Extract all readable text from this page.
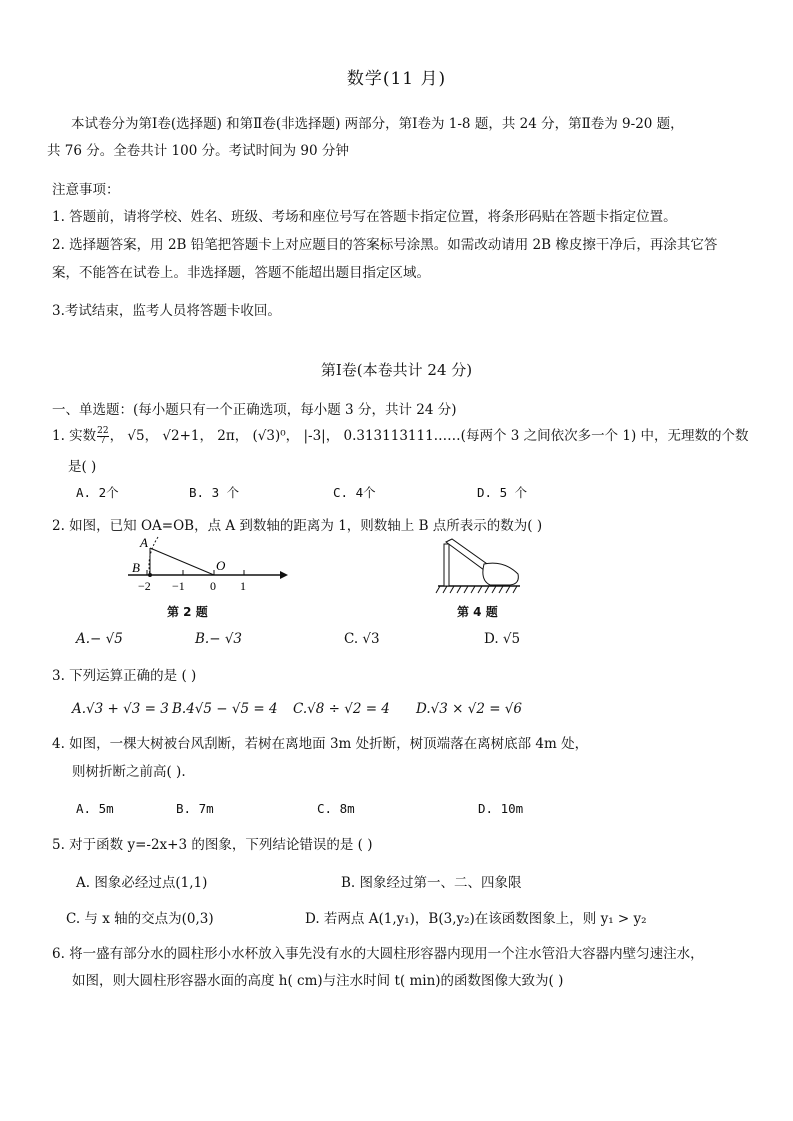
数学(11 月)
本试卷分为第Ⅰ卷(选择题) 和第Ⅱ卷(非选择题) 两部分，第Ⅰ卷为 1-8 题，共 24 分，第Ⅱ卷为 9-20 题，
共 76 分。全卷共计 100 分。考试时间为 90 分钟
注意事项：
1. 答题前，请将学校、姓名、班级、考场和座位号写在答题卡指定位置，将条形码贴在答题卡指定位置。
2. 选择题答案，用 2B 铅笔把答题卡上对应题目的答案标号涂黑。如需改动请用 2B 橡皮擦干净后，再涂其它答
案，不能答在试卷上。非选择题，答题不能超出题目指定区域。
3.考试结束，监考人员将答题卡收回。
第Ⅰ卷(本卷共计 24 分)
一、单选题：(每小题只有一个正确选项，每小题 3 分，共计 24 分)
1. 实数 $\frac{22}{7}$ ， √5， √2+1， 2π， (√3)⁰， |-3|， 0.313113111……(每两个 3 之间依次多一个 1) 中，无理数的个数
是( )
A. 2个	B. 3 个	C. 4个	D. 5 个
2. 如图，已知 OA=OB，点 A 到数轴的距离为 1，则数轴上 B 点所表示的数为( )
A
B	O
−2 −1 0 1
第 2 题	第 4 题
A.− √5	B.− √3	C. √3	D. √5
3. 下列运算正确的是 ( )
A.√3 + √3 = 3 B.4√5 − √5 = 4 C.√8 ÷ √2 = 4 D.√3 × √2 = √6
4. 如图，一棵大树被台风刮断，若树在离地面 3m 处折断，树顶端落在离树底部 4m 处，
则树折断之前高( ).
A. 5m	B. 7m	C. 8m	D. 10m
5. 对于函数 y=-2x+3 的图象，下列结论错误的是 ( )
A. 图象必经过点(1,1)	B. 图象经过第一、二、四象限
C. 与 x 轴的交点为(0,3)	D. 若两点 A(1,y₁)，B(3,y₂)在该函数图象上，则 y₁ > y₂
6. 将一盛有部分水的圆柱形小水杯放入事先没有水的大圆柱形容器内现用一个注水管沿大容器内壁匀速注水，
如图，则大圆柱形容器水面的高度 h( cm)与注水时间 t( min)的函数图像大致为( )
